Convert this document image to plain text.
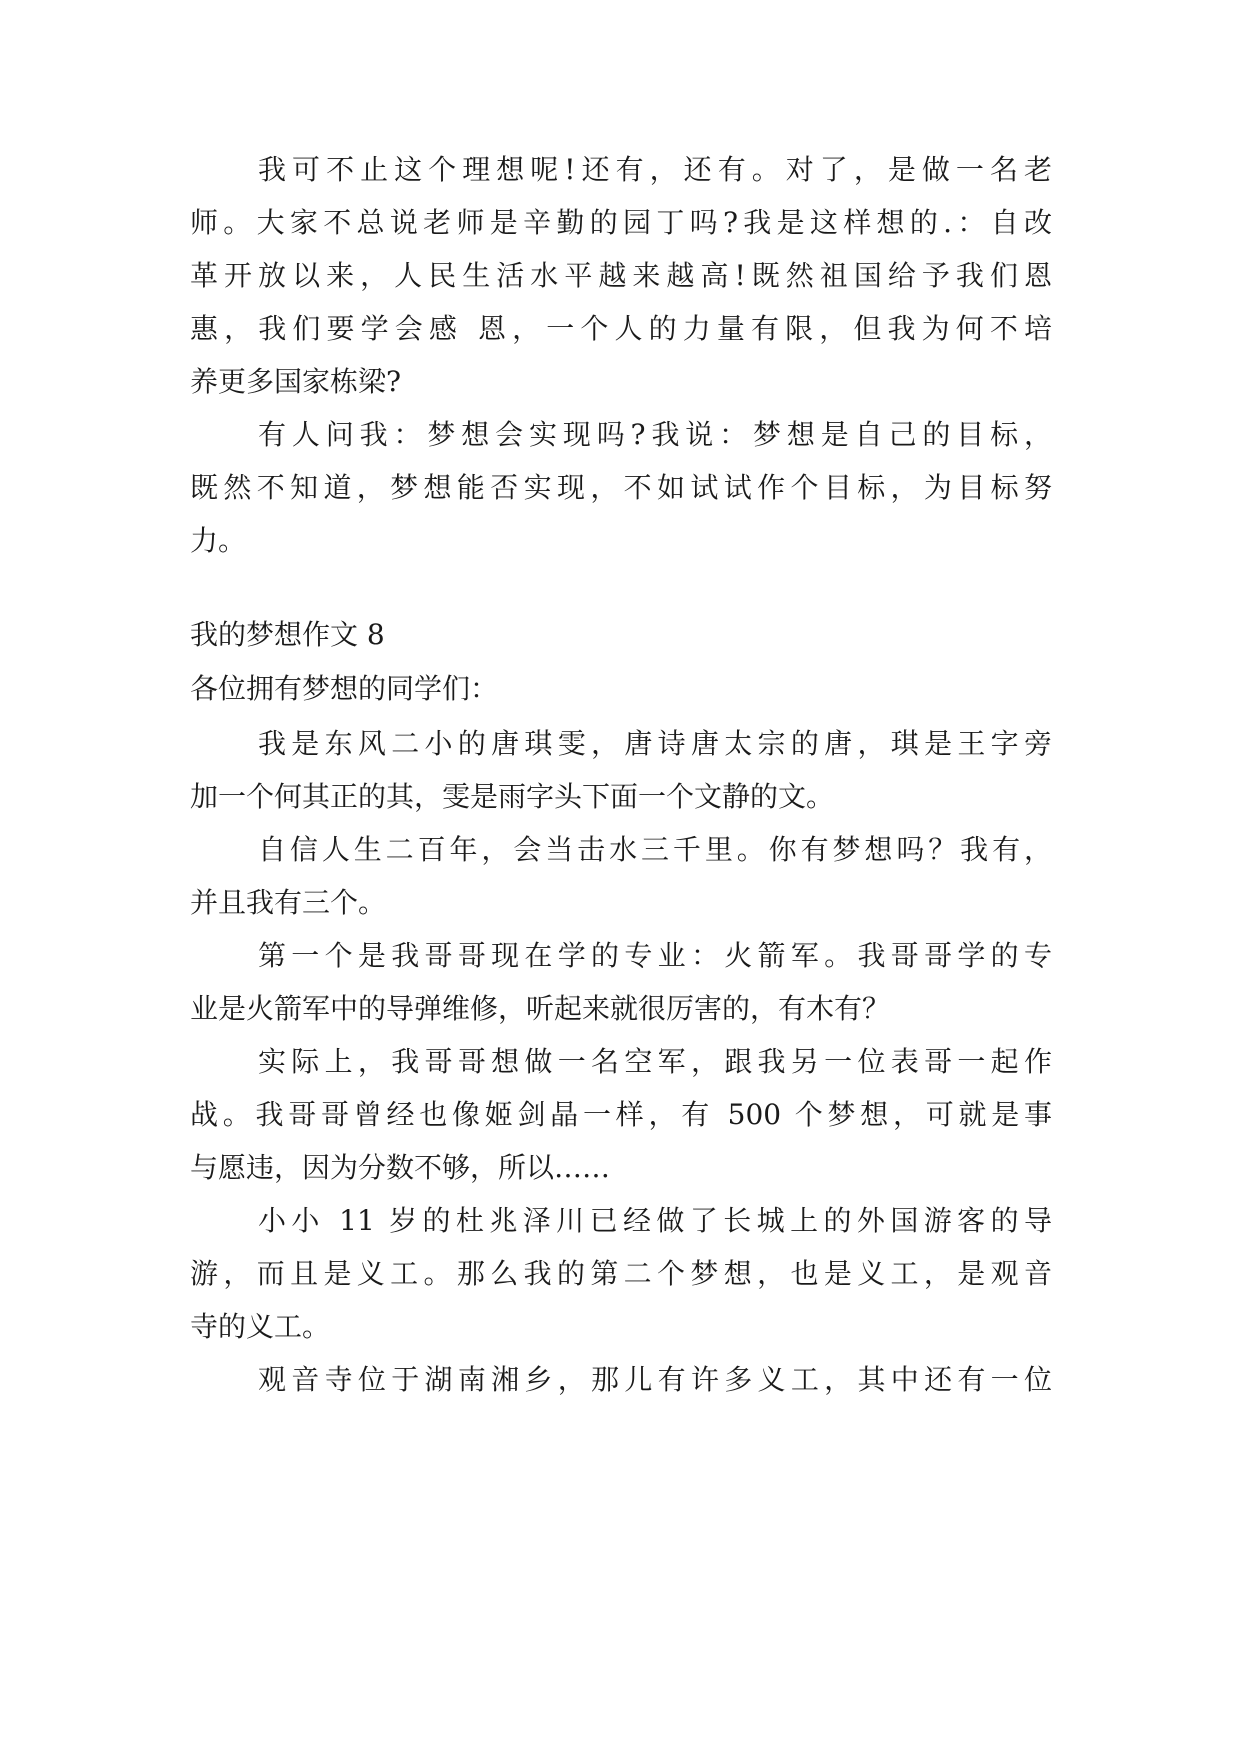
我可不止这个理想呢!还有，还有。对了，是做一名老
师。大家不总说老师是辛勤的园丁吗?我是这样想的.：自改
革开放以来，人民生活水平越来越高!既然祖国给予我们恩
惠，我们要学会感 恩，一个人的力量有限，但我为何不培
养更多国家栋梁?
有人问我：梦想会实现吗?我说：梦想是自己的目标，
既然不知道，梦想能否实现，不如试试作个目标，为目标努
力。
我的梦想作文 8
各位拥有梦想的同学们：
我是东风二小的唐琪雯，唐诗唐太宗的唐，琪是王字旁
加一个何其正的其，雯是雨字头下面一个文静的文。
自信人生二百年，会当击水三千里。你有梦想吗？我有，
并且我有三个。
第一个是我哥哥现在学的专业：火箭军。我哥哥学的专
业是火箭军中的导弹维修，听起来就很厉害的，有木有？
实际上，我哥哥想做一名空军，跟我另一位表哥一起作
战。我哥哥曾经也像姬剑晶一样，有 500 个梦想，可就是事
与愿违，因为分数不够，所以……
小小 11 岁的杜兆泽川已经做了长城上的外国游客的导
游，而且是义工。那么我的第二个梦想，也是义工，是观音
寺的义工。
观音寺位于湖南湘乡，那儿有许多义工，其中还有一位
